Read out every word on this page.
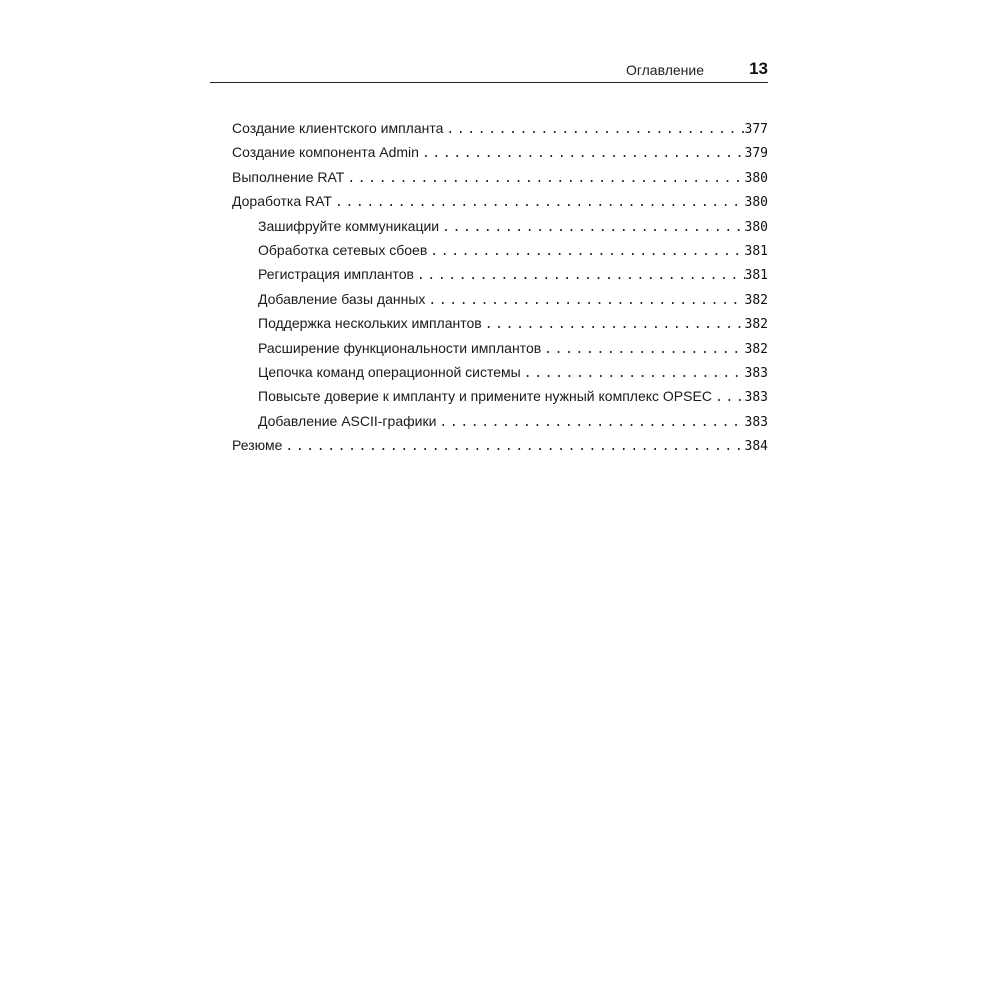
Оглавление	13
Создание клиентского импланта . . .	377
Создание компонента Admin . . .	379
Выполнение RAT . . .	380
Доработка RAT . . .	380
Зашифруйте коммуникации . . .	380
Обработка сетевых сбоев . . .	381
Регистрация имплантов . . .	381
Добавление базы данных . . .	382
Поддержка нескольких имплантов . . .	382
Расширение функциональности имплантов . . .	382
Цепочка команд операционной системы . . .	383
Повысьте доверие к импланту и примените нужный комплекс OPSEC . . .	383
Добавление ASCII-графики . . .	383
Резюме . . .	384
